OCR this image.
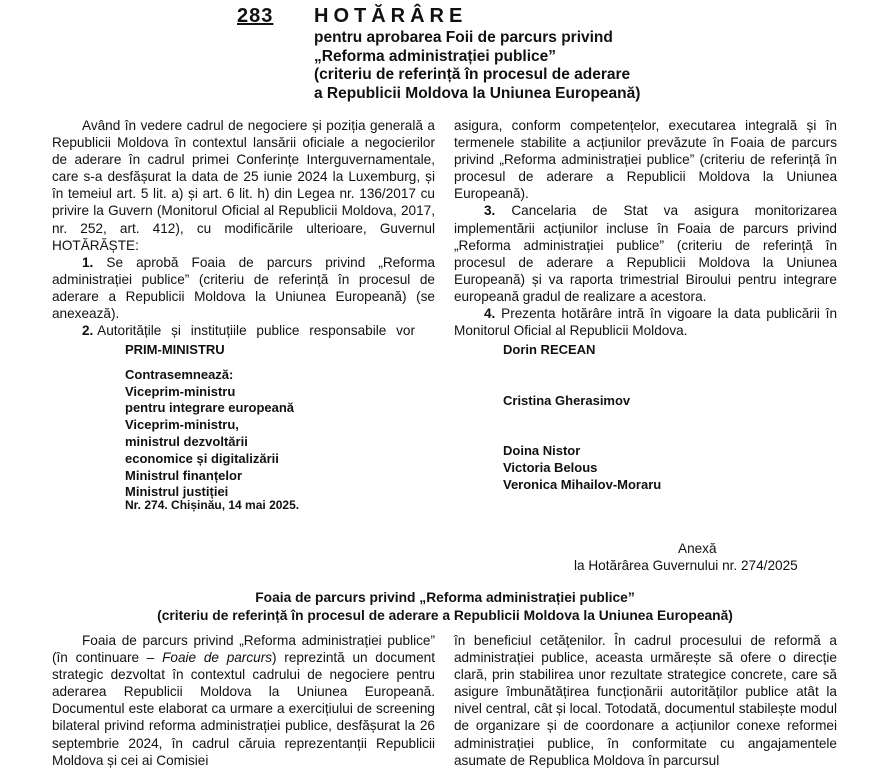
283 HOTĂRÂRE
pentru aprobarea Foii de parcurs privind
„Reforma administrației publice”
(criteriu de referință în procesul de aderare
a Republicii Moldova la Uniunea Europeană)

Având în vedere cadrul de negociere și poziția generală a Republicii Moldova în contextul lansării oficiale a negocierilor de aderare în cadrul primei Conferințe Interguvernamentale, care s-a desfășurat la data de 25 iunie 2024 la Luxemburg, și în temeiul art. 5 lit. a) și art. 6 lit. h) din Legea nr. 136/2017 cu privire la Guvern (Monitorul Oficial al Republicii Moldova, 2017, nr. 252, art. 412), cu modificările ulterioare, Guvernul HOTĂRĂȘTE:

1. Se aprobă Foaia de parcurs privind „Reforma administrației publice” (criteriu de referință în procesul de aderare a Republicii Moldova la Uniunea Europeană) (se anexează).

2. Autoritățile și instituțiile publice responsabile vor

asigura, conform competențelor, executarea integrală și în termenele stabilite a acțiunilor prevăzute în Foaia de parcurs privind „Reforma administrației publice” (criteriu de referință în procesul de aderare a Republicii Moldova la Uniunea Europeană).

3. Cancelaria de Stat va asigura monitorizarea implementării acțiunilor incluse în Foaia de parcurs privind „Reforma administrației publice” (criteriu de referință în procesul de aderare a Republicii Moldova la Uniunea Europeană) și va raporta trimestrial Biroului pentru integrare europeană gradul de realizare a acestora.

4. Prezenta hotărâre intră în vigoare la data publicării în Monitorul Oficial al Republicii Moldova.

PRIM-MINISTRU
Contrasemnează:
Viceprim-ministru
pentru integrare europeană
Viceprim-ministru,
ministrul dezvoltării
economice și digitalizării
Ministrul finanțelor
Ministrul justiției
Dorin RECEAN
Cristina Gherasimov
Doina Nistor
Victoria Belous
Veronica Mihailov-Moraru
Nr. 274. Chișinău, 14 mai 2025.
Anexă
la Hotărârea Guvernului nr. 274/2025
Foaia de parcurs privind „Reforma administrației publice”
(criteriu de referință în procesul de aderare a Republicii Moldova la Uniunea Europeană)

Foaia de parcurs privind „Reforma administrației publice” (în continuare – Foaie de parcurs) reprezintă un document strategic dezvoltat în contextul cadrului de negociere pentru aderarea Republicii Moldova la Uniunea Europeană. Documentul este elaborat ca urmare a exercițiului de screening bilateral privind reforma administrației publice, desfășurat la 26 septembrie 2024, în cadrul căruia reprezentanții Republicii Moldova și cei ai Comisiei

în beneficiul cetățenilor. În cadrul procesului de reformă a administrației publice, aceasta urmărește să ofere o direcție clară, prin stabilirea unor rezultate strategice concrete, care să asigure îmbunătățirea funcționării autorităților publice atât la nivel central, cât și local. Totodată, documentul stabilește modul de organizare și de coordonare a acțiunilor conexe reformei administrației publice, în conformitate cu angajamentele asumate de Republica Moldova în parcursul
